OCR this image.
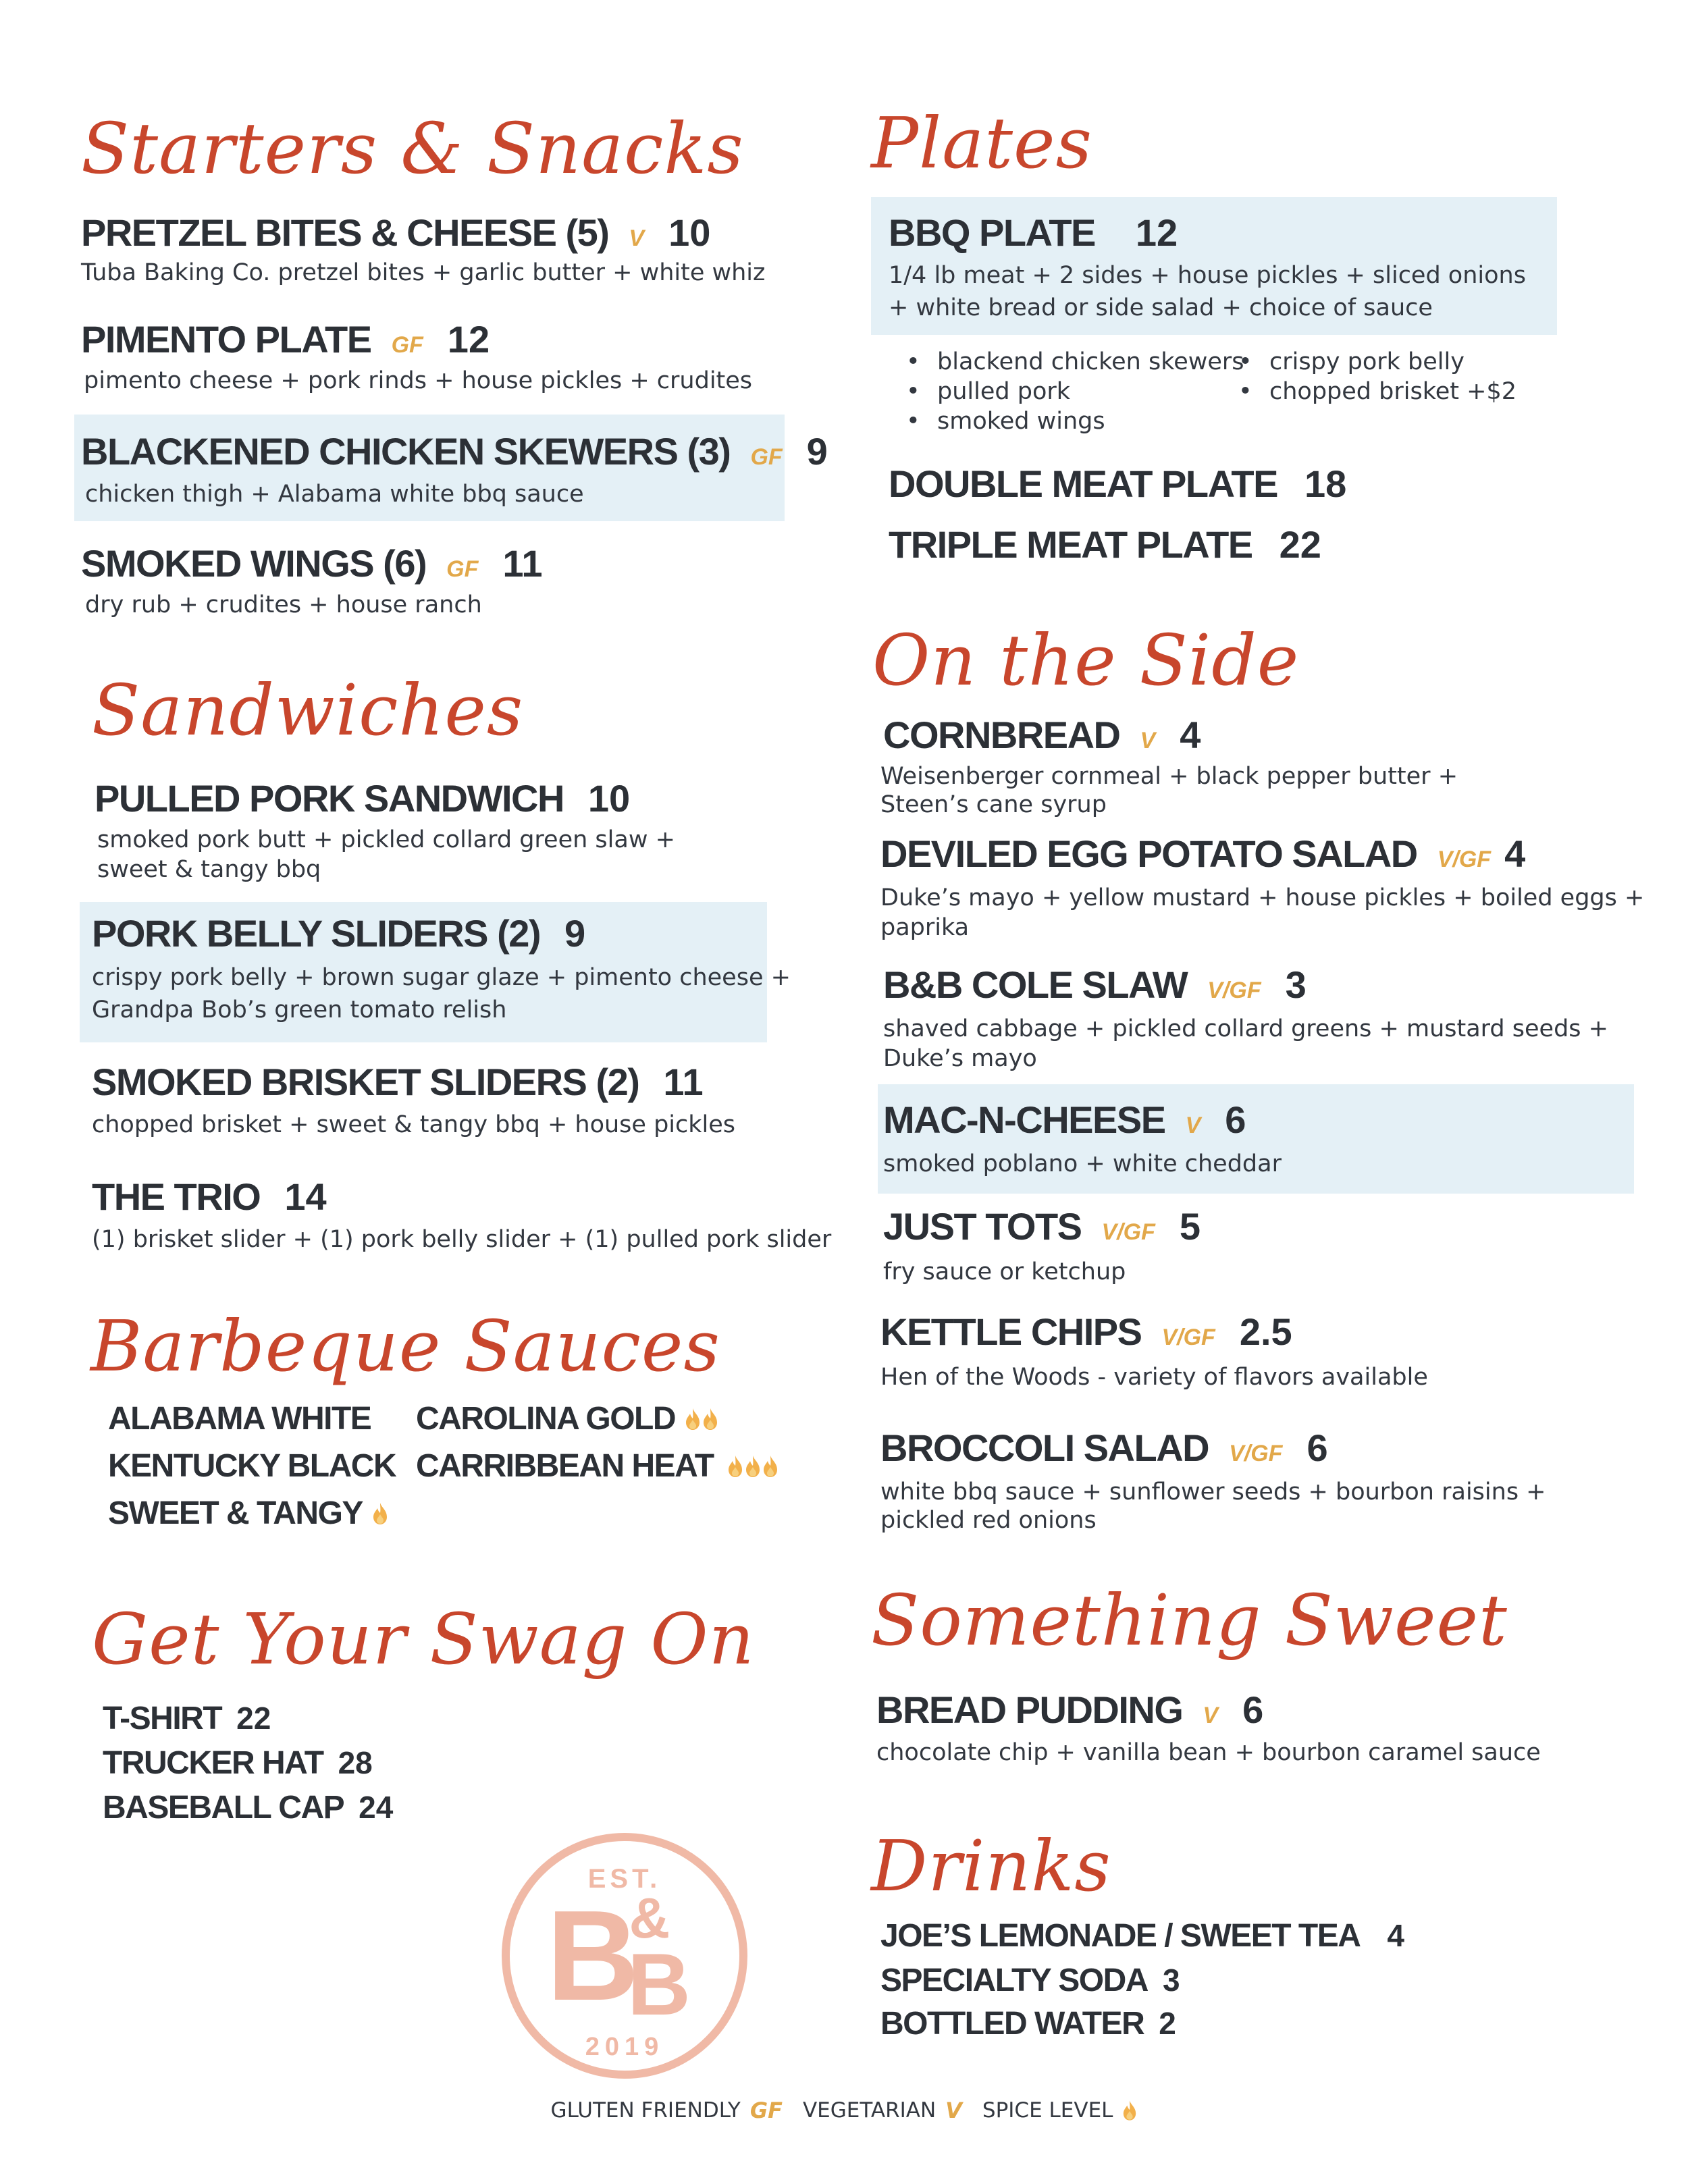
Starters & Snacks
PRETZEL BITES & CHEESE (5) V 10
Tuba Baking Co. pretzel bites + garlic butter + white whiz
PIMENTO PLATE GF 12
pimento cheese + pork rinds + house pickles + crudites
BLACKENED CHICKEN SKEWERS (3) GF 9
chicken thigh + Alabama white bbq sauce
SMOKED WINGS (6) GF 11
dry rub + crudites + house ranch
Sandwiches
PULLED PORK SANDWICH 10
smoked pork butt + pickled collard green slaw +
sweet & tangy bbq
PORK BELLY SLIDERS (2) 9
crispy pork belly + brown sugar glaze + pimento cheese +
Grandpa Bob’s green tomato relish
SMOKED BRISKET SLIDERS (2) 11
chopped brisket + sweet & tangy bbq + house pickles
THE TRIO 14
(1) brisket slider + (1) pork belly slider + (1) pulled pork slider
Barbeque Sauces
ALABAMA WHITE
KENTUCKY BLACK
SWEET & TANGY
CAROLINA GOLD
CARRIBBEAN HEAT
Get Your Swag On
T-SHIRT 22
TRUCKER HAT 28
BASEBALL CAP 24
EST.
B
&
B
2019
Plates
BBQ PLATE 12
1/4 lb meat + 2 sides + house pickles + sliced onions
+ white bread or side salad + choice of sauce
• blackend chicken skewers
• pulled pork
• smoked wings
• crispy pork belly
• chopped brisket +$2
DOUBLE MEAT PLATE 18
TRIPLE MEAT PLATE 22
On the Side
CORNBREAD V 4
Weisenberger cornmeal + black pepper butter +
Steen’s cane syrup
DEVILED EGG POTATO SALAD V/GF 4
Duke’s mayo + yellow mustard + house pickles + boiled eggs +
paprika
B&B COLE SLAW V/GF 3
shaved cabbage + pickled collard greens + mustard seeds +
Duke’s mayo
MAC-N-CHEESE V 6
smoked poblano + white cheddar
JUST TOTS V/GF 5
fry sauce or ketchup
KETTLE CHIPS V/GF 2.5
Hen of the Woods - variety of flavors available
BROCCOLI SALAD V/GF 6
white bbq sauce + sunflower seeds + bourbon raisins +
pickled red onions
Something Sweet
BREAD PUDDING V 6
chocolate chip + vanilla bean + bourbon caramel sauce
Drinks
JOE’S LEMONADE / SWEET TEA 4
SPECIALTY SODA 3
BOTTLED WATER 2
GLUTEN FRIENDLY GF VEGETARIAN V SPICE LEVEL
